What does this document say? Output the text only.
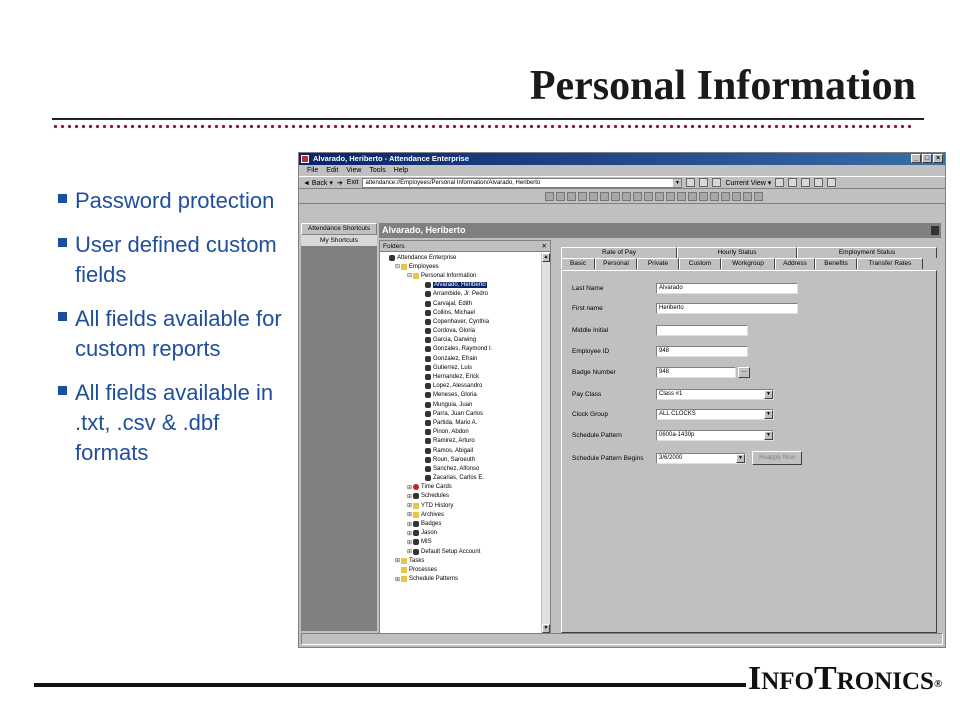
Personal Information
Password protection
User defined custom fields
All fields available for custom reports
All fields available in .txt, .csv & .dbf formats
Alvarado, Heriberto - Attendance Enterprise	_ □ ×
File Edit View Tools Help
◄ Back ▾ ➔ Exit	attendance://Employees/Personal Information/Alvarado, Heriberto	▼	Current View ▾
Attendance Shortcuts
My Shortcuts
Alvarado, Heriberto
Folders	✕
Attendance Enterprise
⊟ Employees
⊟ Personal Information
Alvarado, Heriberto
Arrambide, Jr. Pedro
Carvajal, Edith
Collins, Michael
Copenhaver, Cynthia
Cordova, Gloria
Garcia, Darwing
Gonzales, Raymond I.
Gonzalez, Efrain
Gutierrez, Luis
Hernandez, Erick
Lopez, Alessandro
Meneses, Gloria
Munguia, Juan
Parra, Juan Carlos
Partida, Mario A.
Pinon, Abdon
Ramirez, Arturo
Ramos, Abigail
Roun, Saroeuth
Sanchez, Alfonso
Zacarias, Carlos E.
⊞ Time Cards
⊞ Schedules
⊞ YTD History
⊞ Archives
⊞ Badges
⊞ Jason
⊞ MIS
⊞ Default Setup Account
⊞ Tasks
Processes
⊞ Schedule Patterns
▲
▼
Rate of Pay	Hourly Status	Employment Status
Basic	Personal	Private	Custom	Workgroup	Address	Benefits	Transfer Rates
Last Name	Alvarado
First name	Heriberto
Middle Initial
Employee ID	948
Badge Number	948	...
Pay Class	Class #1	▼
Clock Group	ALL CLOCKS	▼
Schedule Pattern	0600a-1430p	▼
Schedule Pattern Begins	3/6/2000	▼	Reapply Now
INFOTRONICS®
